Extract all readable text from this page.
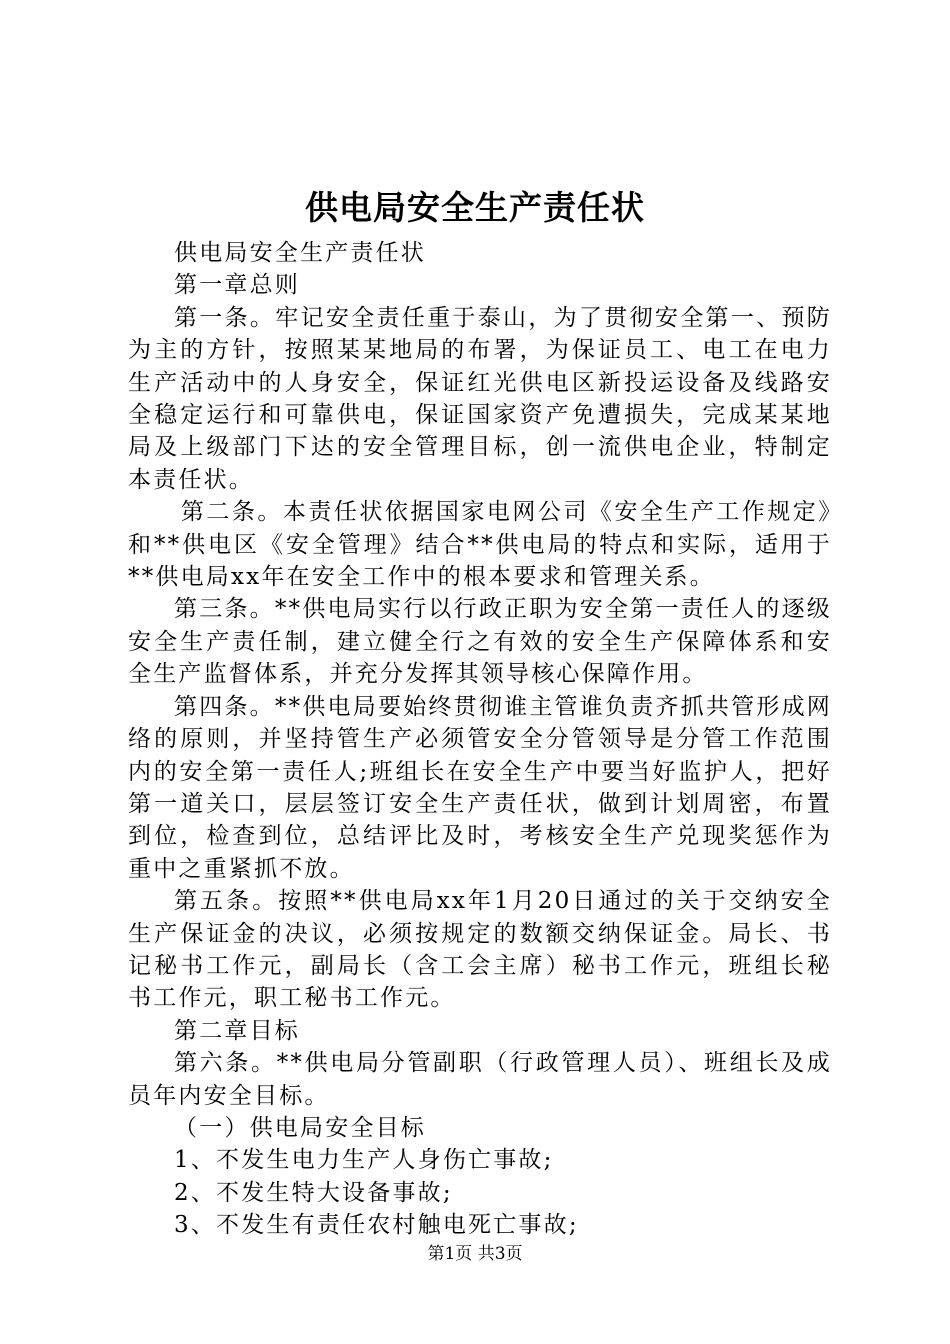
供电局安全生产责任状

供电局安全生产责任状

第一章总则

第一条。牢记安全责任重于泰山，为了贯彻安全第一、预防为主的方针，按照某某地局的布署，为保证员工、电工在电力生产活动中的人身安全，保证红光供电区新投运设备及线路安全稳定运行和可靠供电，保证国家资产免遭损失，完成某某地局及上级部门下达的安全管理目标，创一流供电企业，特制定本责任状。

第二条。本责任状依据国家电网公司《安全生产工作规定》和**供电区《安全管理》结合**供电局的特点和实际，适用于**供电局xx年在安全工作中的根本要求和管理关系。

第三条。**供电局实行以行政正职为安全第一责任人的逐级安全生产责任制，建立健全行之有效的安全生产保障体系和安全生产监督体系，并充分发挥其领导核心保障作用。

第四条。**供电局要始终贯彻谁主管谁负责齐抓共管形成网络的原则，并坚持管生产必须管安全分管领导是分管工作范围内的安全第一责任人;班组长在安全生产中要当好监护人，把好第一道关口，层层签订安全生产责任状，做到计划周密，布置到位，检查到位，总结评比及时，考核安全生产兑现奖惩作为重中之重紧抓不放。

第五条。按照**供电局xx年1月20日通过的关于交纳安全生产保证金的决议，必须按规定的数额交纳保证金。局长、书记秘书工作元，副局长（含工会主席）秘书工作元，班组长秘书工作元，职工秘书工作元。

第二章目标

第六条。**供电局分管副职（行政管理人员）、班组长及成员年内安全目标。

（一）供电局安全目标

1、不发生电力生产人身伤亡事故;

2、不发生特大设备事故;

3、不发生有责任农村触电死亡事故;

第1页 共3页
